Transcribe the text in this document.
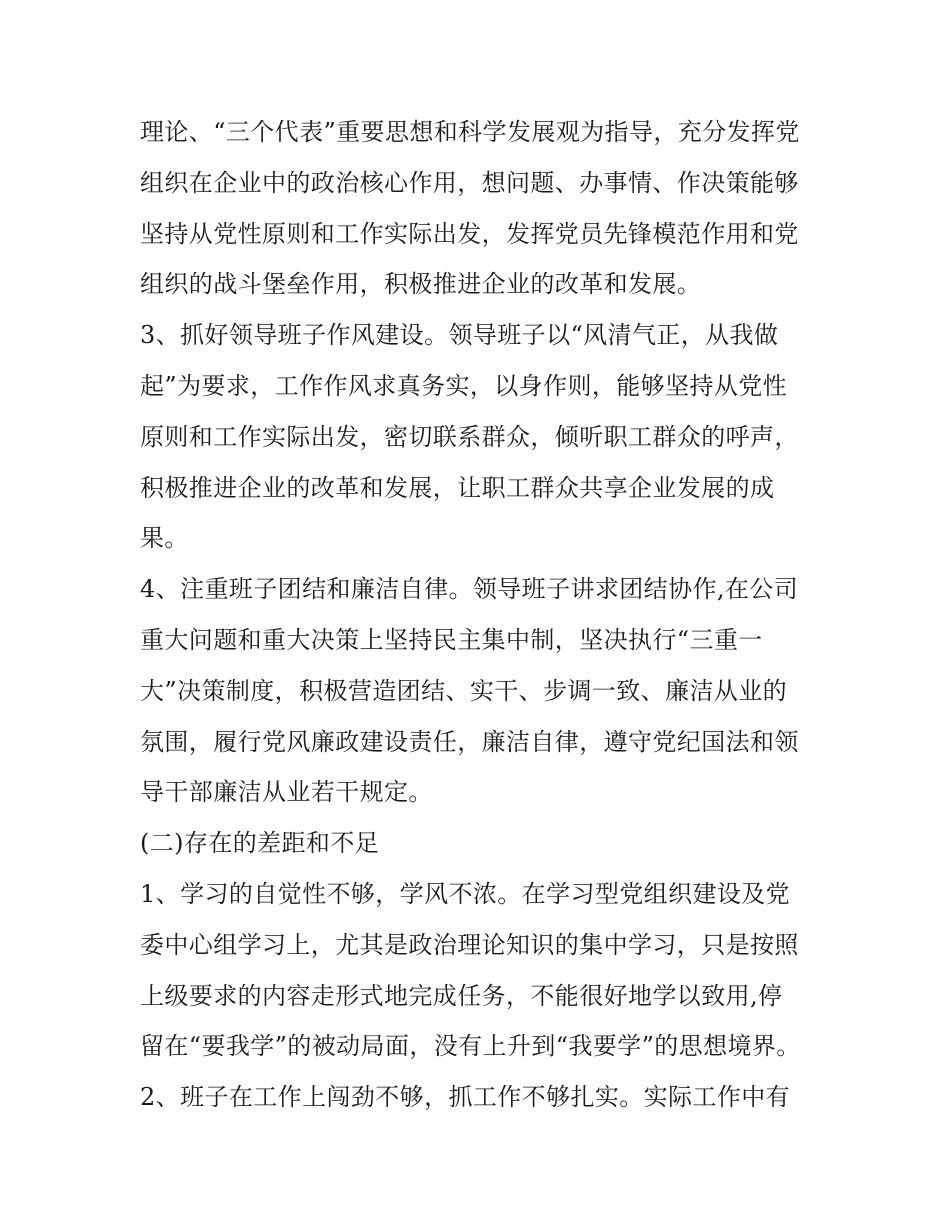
理论、“三个代表”重要思想和科学发展观为指导，充分发挥党
组织在企业中的政治核心作用，想问题、办事情、作决策能够
坚持从党性原则和工作实际出发，发挥党员先锋模范作用和党
组织的战斗堡垒作用，积极推进企业的改革和发展。
3、抓好领导班子作风建设。领导班子以“风清气正，从我做
起”为要求，工作作风求真务实，以身作则，能够坚持从党性
原则和工作实际出发，密切联系群众，倾听职工群众的呼声，
积极推进企业的改革和发展，让职工群众共享企业发展的成
果。
4、注重班子团结和廉洁自律。领导班子讲求团结协作,在公司
重大问题和重大决策上坚持民主集中制，坚决执行“三重一
大”决策制度，积极营造团结、实干、步调一致、廉洁从业的
氛围，履行党风廉政建设责任，廉洁自律，遵守党纪国法和领
导干部廉洁从业若干规定。
(二)存在的差距和不足
1、学习的自觉性不够，学风不浓。在学习型党组织建设及党
委中心组学习上，尤其是政治理论知识的集中学习，只是按照
上级要求的内容走形式地完成任务，不能很好地学以致用,停
留在“要我学”的被动局面，没有上升到“我要学”的思想境界。
2、班子在工作上闯劲不够，抓工作不够扎实。实际工作中有
